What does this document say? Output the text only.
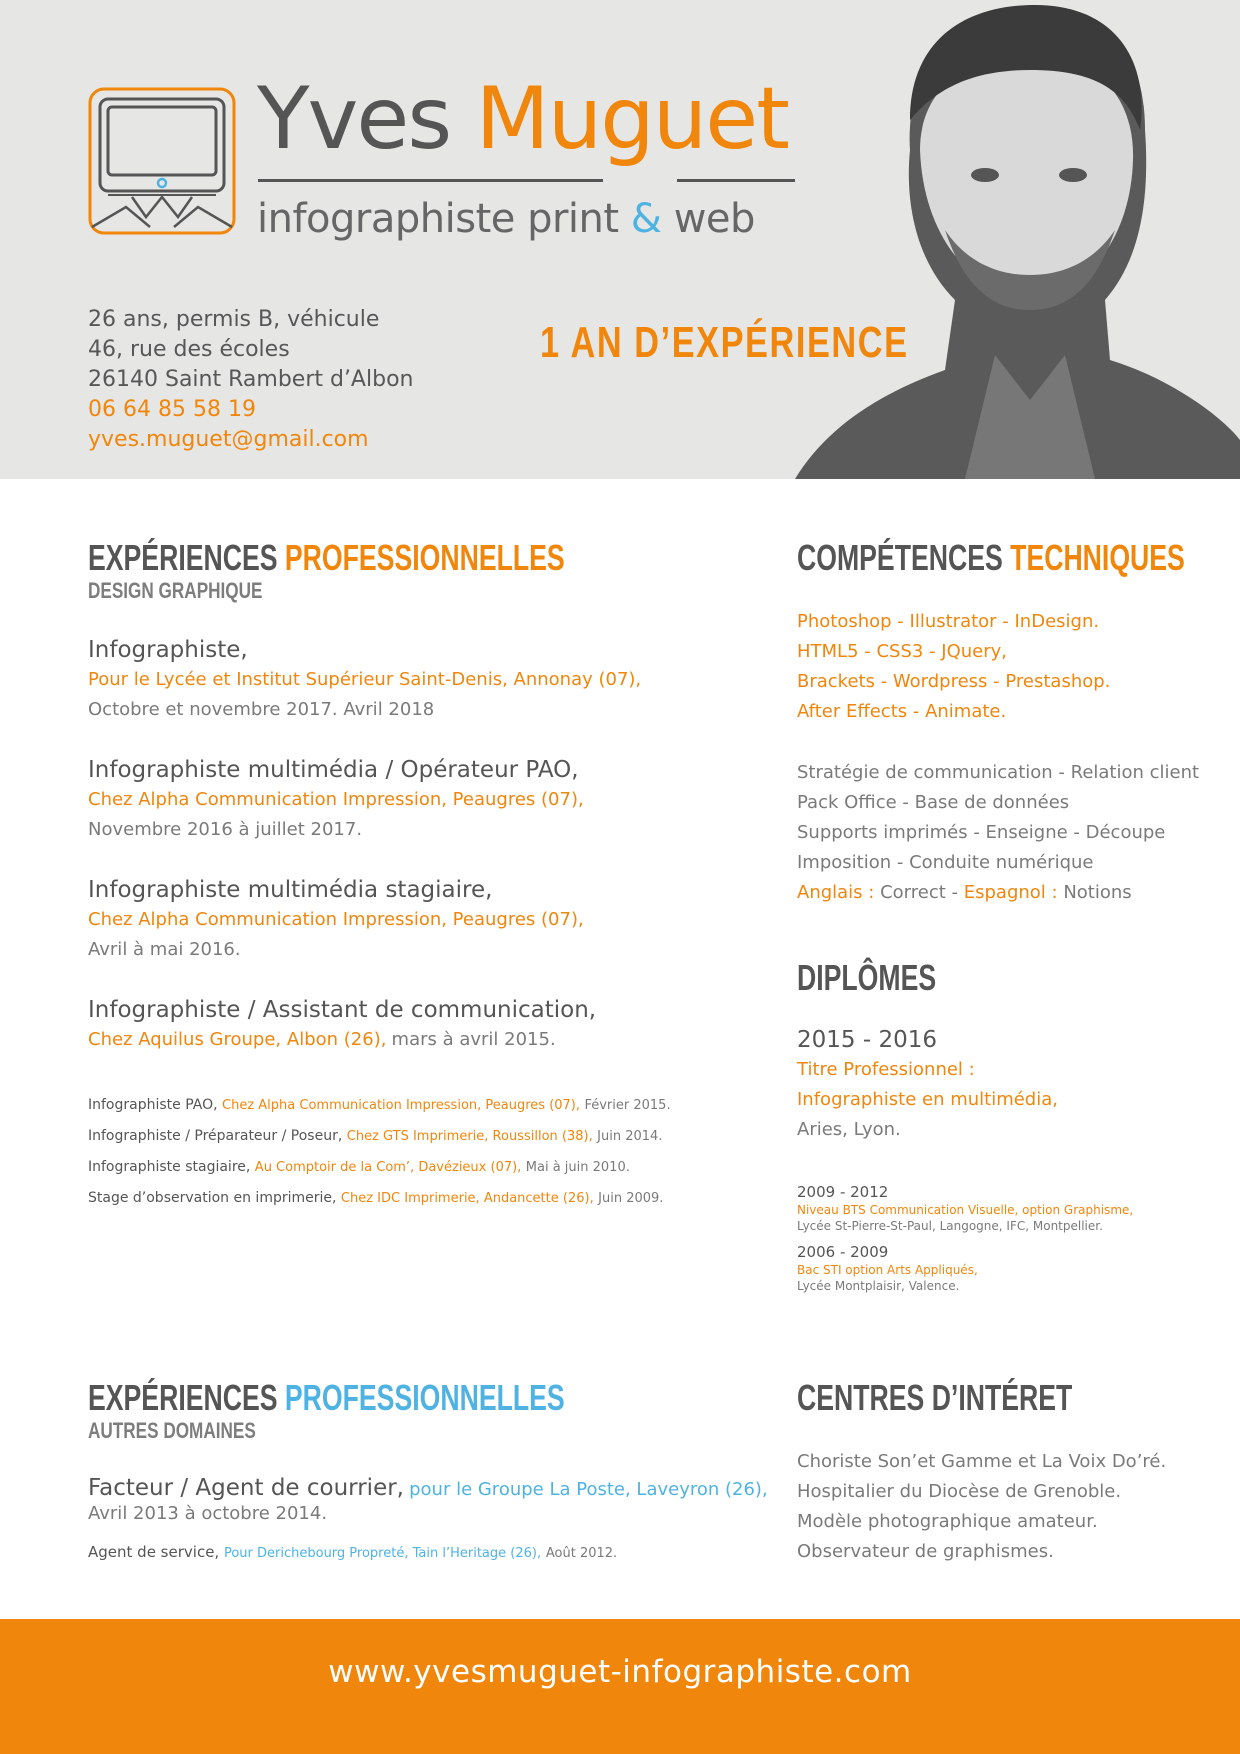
Yves Muguet
infographiste print & web
26 ans, permis B, véhicule
46, rue des écoles
26140 Saint Rambert d’Albon
06 64 85 58 19
yves.muguet@gmail.com
1 AN D’EXPÉRIENCE
EXPÉRIENCES PROFESSIONNELLES
DESIGN GRAPHIQUE
Infographiste,
Pour le Lycée et Institut Supérieur Saint-Denis, Annonay (07),
Octobre et novembre 2017. Avril 2018
Infographiste multimédia / Opérateur PAO,
Chez Alpha Communication Impression, Peaugres (07),
Novembre 2016 à juillet 2017.
Infographiste multimédia stagiaire,
Chez Alpha Communication Impression, Peaugres (07),
Avril à mai 2016.
Infographiste / Assistant de communication,
Chez Aquilus Groupe, Albon (26), mars à avril 2015.
Infographiste PAO, Chez Alpha Communication Impression, Peaugres (07), Février 2015.
Infographiste / Préparateur / Poseur, Chez GTS Imprimerie, Roussillon (38), Juin 2014.
Infographiste stagiaire, Au Comptoir de la Com’, Davézieux (07), Mai à juin 2010.
Stage d’observation en imprimerie, Chez IDC Imprimerie, Andancette (26), Juin 2009.
COMPÉTENCES TECHNIQUES
Photoshop - Illustrator - InDesign.
HTML5 - CSS3 - JQuery,
Brackets - Wordpress - Prestashop.
After Effects - Animate.
Stratégie de communication - Relation client
Pack Office - Base de données
Supports imprimés - Enseigne - Découpe
Imposition - Conduite numérique
Anglais : Correct - Espagnol : Notions
DIPLÔMES
2015 - 2016
Titre Professionnel :
Infographiste en multimédia,
Aries, Lyon.
2009 - 2012
Niveau BTS Communication Visuelle, option Graphisme,
Lycée St-Pierre-St-Paul, Langogne, IFC, Montpellier.
2006 - 2009
Bac STI option Arts Appliqués,
Lycée Montplaisir, Valence.
EXPÉRIENCES PROFESSIONNELLES
AUTRES DOMAINES
Facteur / Agent de courrier, pour le Groupe La Poste, Laveyron (26),
Avril 2013 à octobre 2014.
Agent de service, Pour Derichebourg Propreté, Tain l’Heritage (26), Août 2012.
CENTRES D’INTÉRET
Choriste Son’et Gamme et La Voix Do’ré.
Hospitalier du Diocèse de Grenoble.
Modèle photographique amateur.
Observateur de graphismes.
www.yvesmuguet-infographiste.com
